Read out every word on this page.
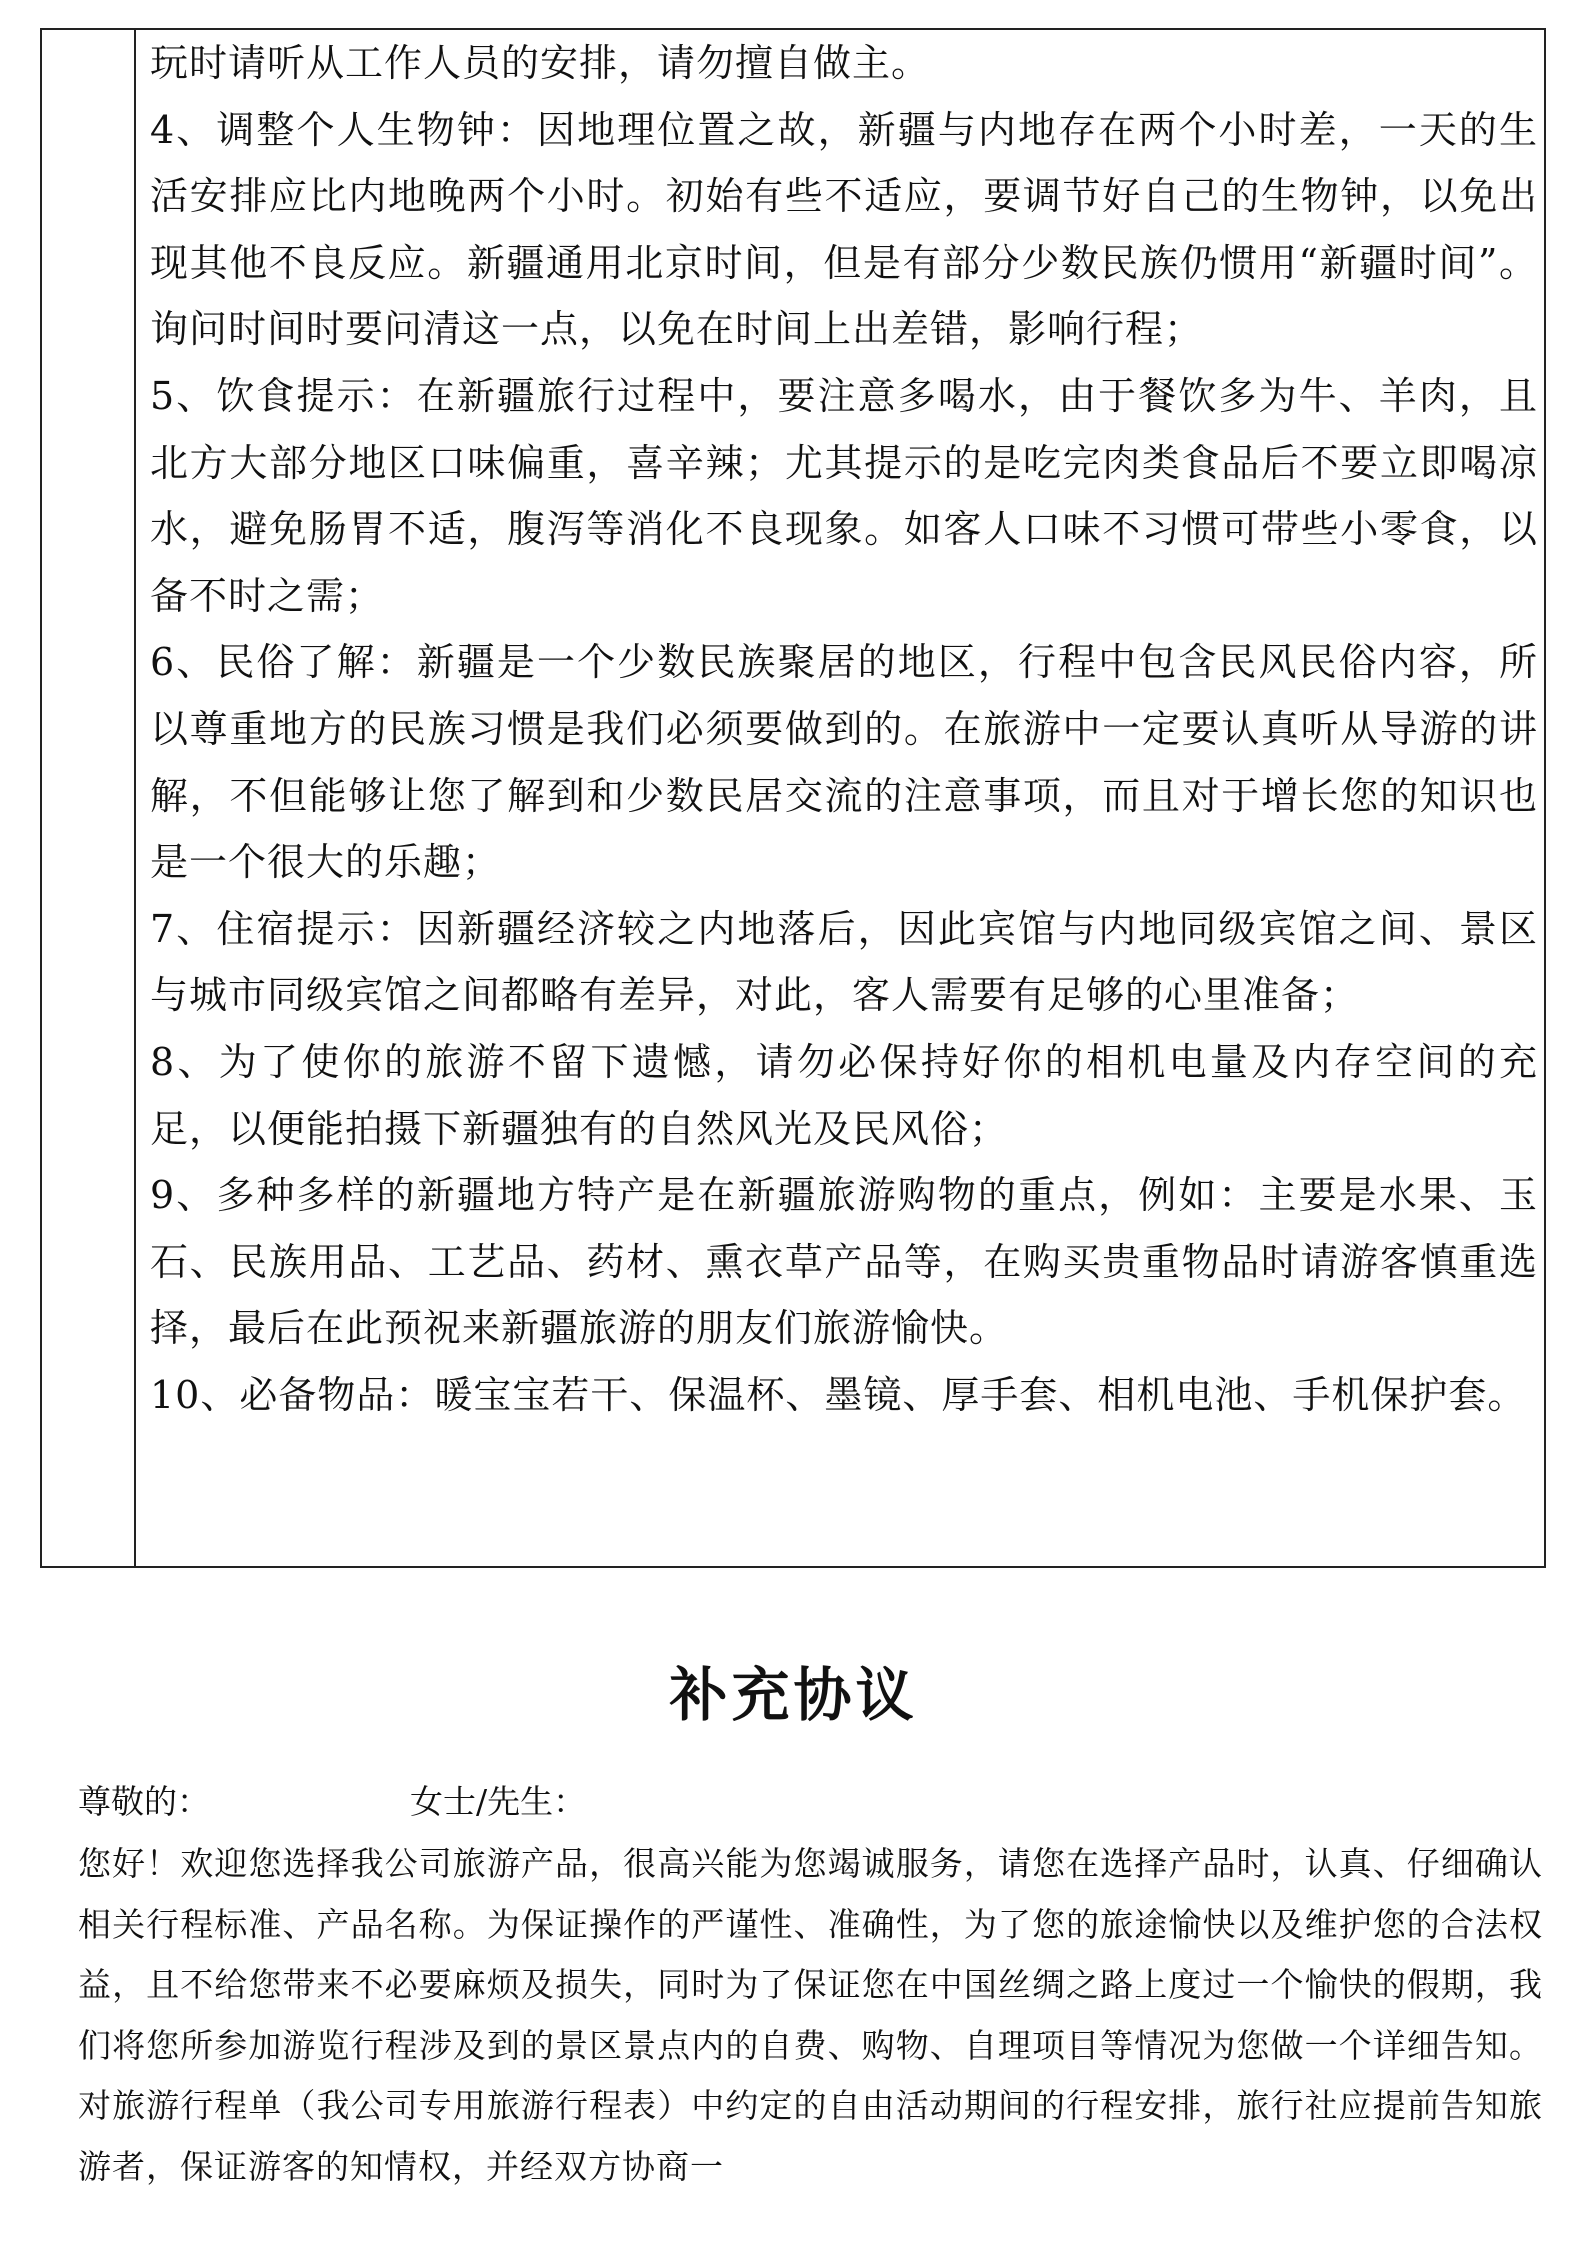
玩时请听从工作人员的安排，请勿擅自做主。

4、调整个人生物钟：因地理位置之故，新疆与内地存在两个小时差，一天的生活安排应比内地晚两个小时。初始有些不适应，要调节好自己的生物钟，以免出现其他不良反应。新疆通用北京时间，但是有部分少数民族仍惯用“新疆时间”。询问时间时要问清这一点，以免在时间上出差错，影响行程；

5、饮食提示：在新疆旅行过程中，要注意多喝水，由于餐饮多为牛、羊肉，且北方大部分地区口味偏重，喜辛辣；尤其提示的是吃完肉类食品后不要立即喝凉水，避免肠胃不适，腹泻等消化不良现象。如客人口味不习惯可带些小零食，以备不时之需；

6、民俗了解：新疆是一个少数民族聚居的地区，行程中包含民风民俗内容，所以尊重地方的民族习惯是我们必须要做到的。在旅游中一定要认真听从导游的讲解，不但能够让您了解到和少数民居交流的注意事项，而且对于增长您的知识也是一个很大的乐趣；

7、住宿提示：因新疆经济较之内地落后，因此宾馆与内地同级宾馆之间、景区与城市同级宾馆之间都略有差异，对此，客人需要有足够的心里准备；

8、为了使你的旅游不留下遗憾，请勿必保持好你的相机电量及内存空间的充足，以便能拍摄下新疆独有的自然风光及民风俗；

9、多种多样的新疆地方特产是在新疆旅游购物的重点，例如：主要是水果、玉石、民族用品、工艺品、药材、熏衣草产品等，在购买贵重物品时请游客慎重选择，最后在此预祝来新疆旅游的朋友们旅游愉快。

10、必备物品：暖宝宝若干、保温杯、墨镜、厚手套、相机电池、手机保护套。

补充协议
尊敬的：	女士/先生：

您好！欢迎您选择我公司旅游产品，很高兴能为您竭诚服务，请您在选择产品时，认真、仔细确认相关行程标准、产品名称。为保证操作的严谨性、准确性，为了您的旅途愉快以及维护您的合法权益，且不给您带来不必要麻烦及损失，同时为了保证您在中国丝绸之路上度过一个愉快的假期，我们将您所参加游览行程涉及到的景区景点内的自费、购物、自理项目等情况为您做一个详细告知。对旅游行程单（我公司专用旅游行程表）中约定的自由活动期间的行程安排，旅行社应提前告知旅游者，保证游客的知情权，并经双方协商一
